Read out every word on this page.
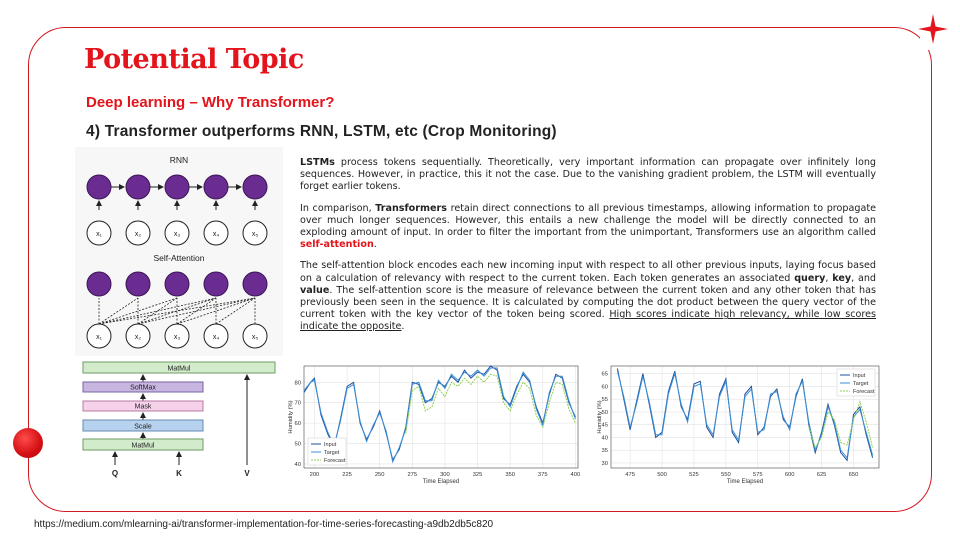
Potential Topic
Deep learning – Why Transformer?
4) Transformer outperforms RNN, LSTM, etc (Crop Monitoring)
RNN
Self-Attention
x₁	x₂	x₃	x₄	x₅
x₁	x₂	x₃	x₄	x₅
MatMul
SoftMax
Mask
Scale
MatMul
Q	K	V

LSTMs process tokens sequentially. Theoretically, very important information can propagate over infinitely long sequences. However, in practice, this it not the case. Due to the vanishing gradient problem, the LSTM will eventually forget earlier tokens.

In comparison, Transformers retain direct connections to all previous timestamps, allowing information to propagate over much longer sequences. However, this entails a new challenge the model will be directly connected to an exploding amount of input. In order to filter the important from the unimportant, Transformers use an algorithm called self-attention.

The self-attention block encodes each new incoming input with respect to all other previous inputs, laying focus based on a calculation of relevancy with respect to the current token. Each token generates an associated query, key, and value. The self-attention score is the measure of relevance between the current token and any other token that has previously been seen in the sequence. It is calculated by computing the dot product between the query vector of the current token with the key vector of the token being scored. High scores indicate high relevancy, while low scores indicate the opposite.

200	225	250	275	300	325	350	375	400
40
50
60
70
80
Time Elapsed
Humidity (%)
Input
Target
Forecast
475	500	525	550	575	600	625	650
30
35
40
45
50
55
60
65
Time Elapsed
Humidity (%)
Input
Target
Forecast
https://medium.com/mlearning-ai/transformer-implementation-for-time-series-forecasting-a9db2db5c820
